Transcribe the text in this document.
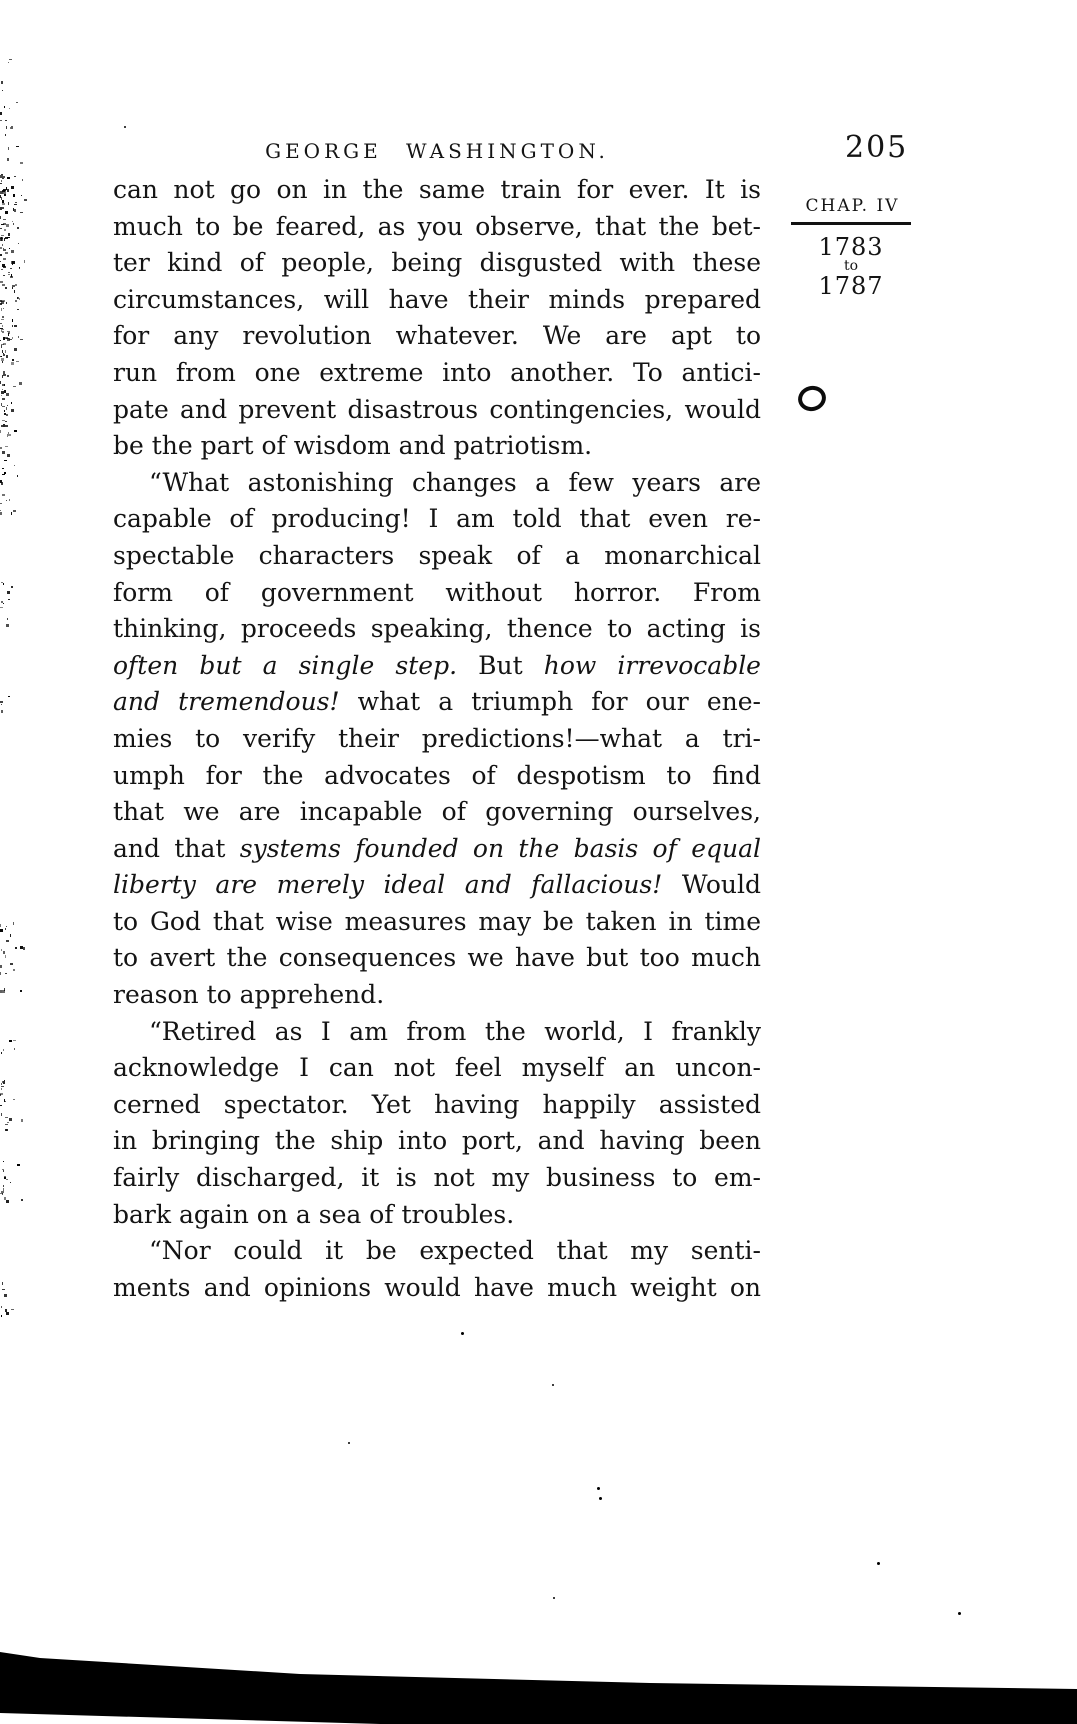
GEORGE WASHINGTON.	205
can not go on in the same train for ever. It is
much to be feared, as you observe, that the bet-
ter kind of people, being disgusted with these
circumstances, will have their minds prepared
for any revolution whatever. We are apt to
run from one extreme into another. To antici-
pate and prevent disastrous contingencies, would
be the part of wisdom and patriotism.
“What astonishing changes a few years are
capable of producing! I am told that even re-
spectable characters speak of a monarchical
form of government without horror. From
thinking, proceeds speaking, thence to acting is
often but a single step. But how irrevocable
and tremendous! what a triumph for our ene-
mies to verify their predictions!—what a tri-
umph for the advocates of despotism to find
that we are incapable of governing ourselves,
and that systems founded on the basis of equal
liberty are merely ideal and fallacious! Would
to God that wise measures may be taken in time
to avert the consequences we have but too much
reason to apprehend.
“Retired as I am from the world, I frankly
acknowledge I can not feel myself an uncon-
cerned spectator. Yet having happily assisted
in bringing the ship into port, and having been
fairly discharged, it is not my business to em-
bark again on a sea of troubles.
“Nor could it be expected that my senti-
ments and opinions would have much weight on
CHAP. IV
1783
to
1787
